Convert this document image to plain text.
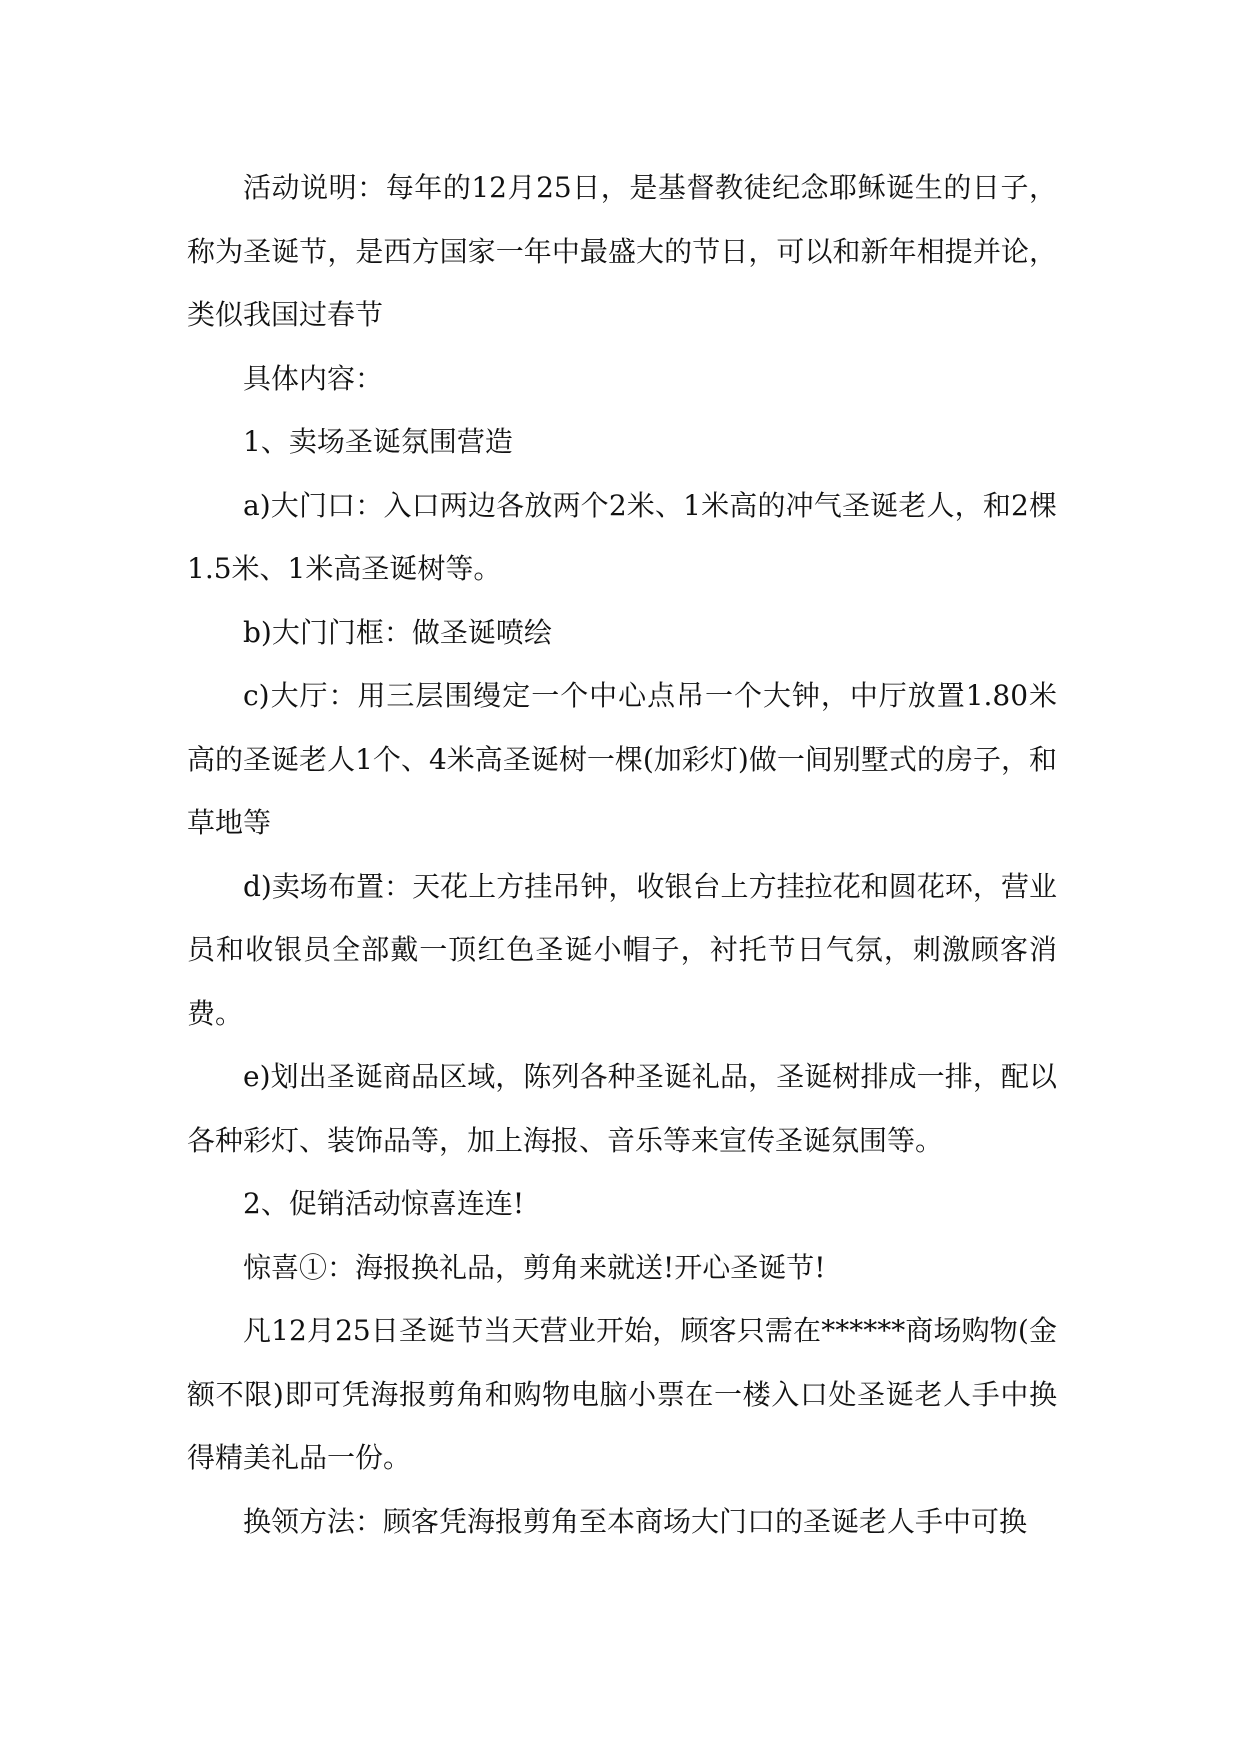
活动说明：每年的12月25日，是基督教徒纪念耶稣诞生的日子，称为圣诞节，是西方国家一年中最盛大的节日，可以和新年相提并论，类似我国过春节

具体内容：

1、卖场圣诞氛围营造

a)大门口：入口两边各放两个2米、1米高的冲气圣诞老人，和2棵1.5米、1米高圣诞树等。

b)大门门框：做圣诞喷绘

c)大厅：用三层围缦定一个中心点吊一个大钟，中厅放置1.80米高的圣诞老人1个、4米高圣诞树一棵(加彩灯)做一间别墅式的房子，和草地等

d)卖场布置：天花上方挂吊钟，收银台上方挂拉花和圆花环，营业员和收银员全部戴一顶红色圣诞小帽子，衬托节日气氛，刺激顾客消费。

e)划出圣诞商品区域，陈列各种圣诞礼品，圣诞树排成一排，配以各种彩灯、装饰品等，加上海报、音乐等来宣传圣诞氛围等。

2、促销活动惊喜连连!

惊喜①：海报换礼品，剪角来就送!开心圣诞节!

凡12月25日圣诞节当天营业开始，顾客只需在******商场购物(金额不限)即可凭海报剪角和购物电脑小票在一楼入口处圣诞老人手中换得精美礼品一份。

换领方法：顾客凭海报剪角至本商场大门口的圣诞老人手中可换
